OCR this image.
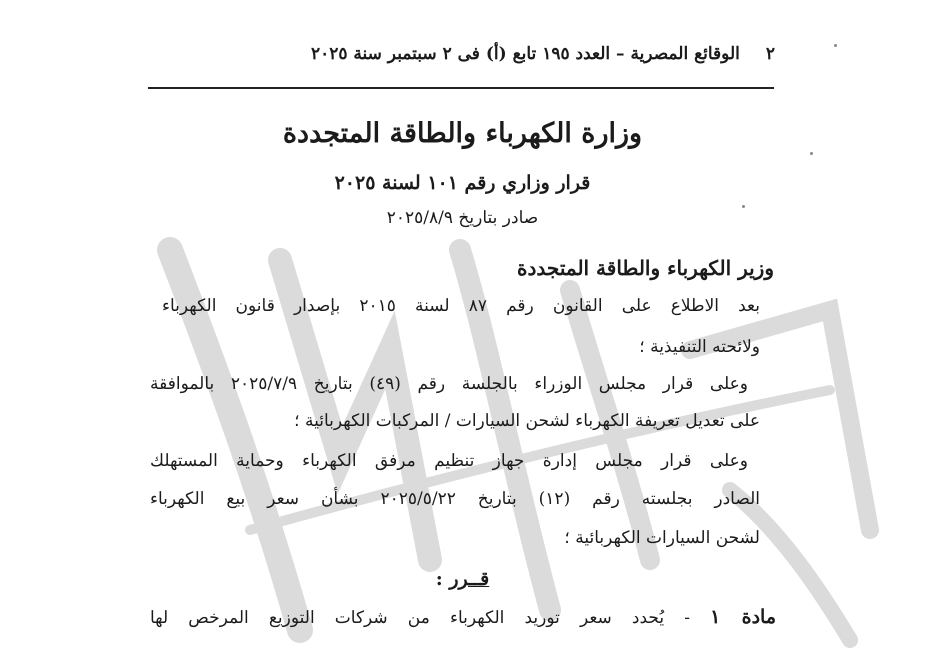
٢
الوقائع المصرية – العدد ١٩٥ تابع (أ) فى ٢ سبتمبر سنة ٢٠٢٥
وزارة الكهرباء والطاقة المتجددة
قرار وزاري رقم ١٠١ لسنة ٢٠٢٥
صادر بتاريخ ٢٠٢٥/٨/٩
وزير الكهرباء والطاقة المتجددة
بعد الاطلاع على القانون رقم ٨٧ لسنة ٢٠١٥ بإصدار قانون الكهرباء
ولائحته التنفيذية ؛
وعلى قرار مجلس الوزراء بالجلسة رقم (٤٩) بتاريخ ٢٠٢٥/٧/٩ بالموافقة
على تعديل تعريفة الكهرباء لشحن السيارات / المركبات الكهربائية ؛
وعلى قرار مجلس إدارة جهاز تنظيم مرفق الكهرباء وحماية المستهلك
الصادر بجلسته رقم (١٢) بتاريخ ٢٠٢٥/٥/٢٢ بشأن سعر بيع الكهرباء
لشحن السيارات الكهربائية ؛
قــرر :
مادة ١ - يُحدد سعر توريد الكهرباء من شركات التوزيع المرخص لها
